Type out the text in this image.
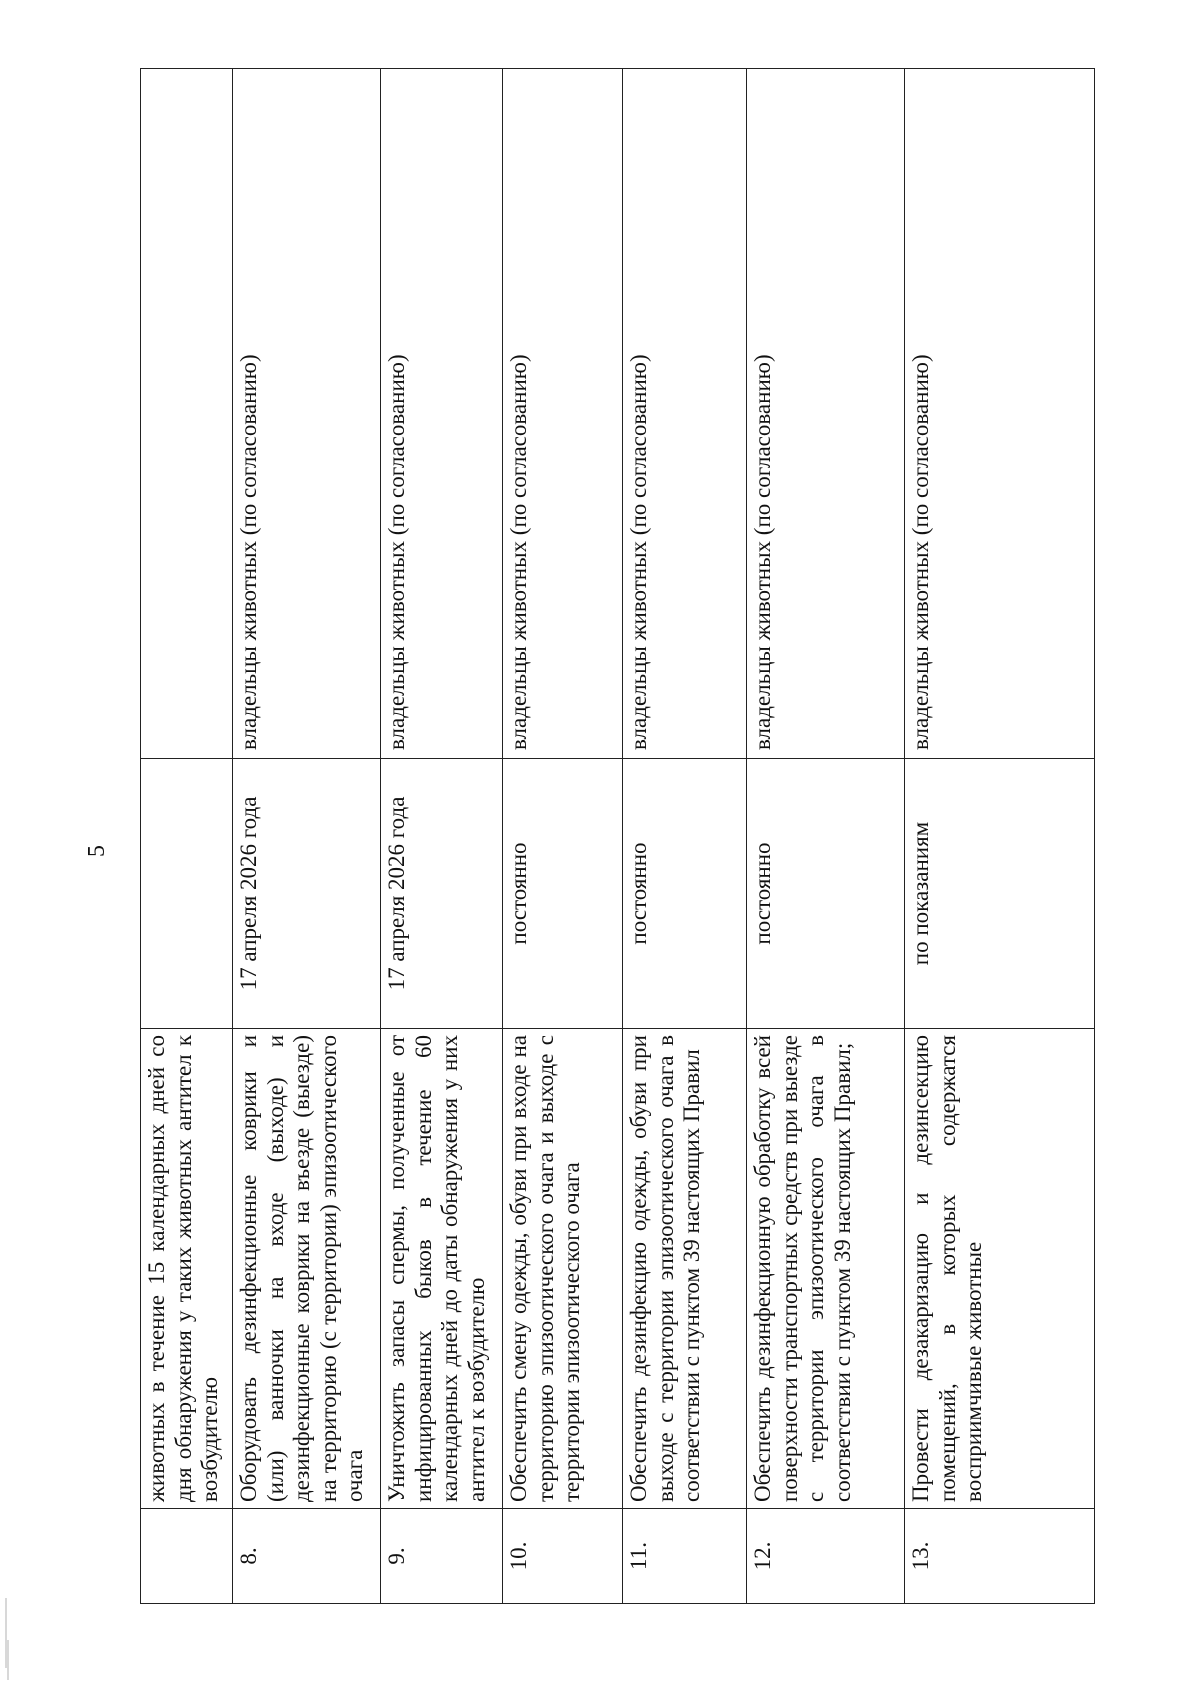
5
	животных в течение 15 календарных дней со дня обнаружения у таких животных антител к возбудителю		
8.	Оборудовать дезинфекционные коврики и (или) ванночки на входе (выходе) и дезинфекционные коврики на въезде (выезде) на территорию (с территории) эпизоотического очага	17 апреля 2026 года	владельцы животных (по согласованию)
9.	Уничтожить запасы спермы, полученные от инфицированных быков в течение 60 календарных дней до даты обнаружения у них антител к возбудителю	17 апреля 2026 года	владельцы животных (по согласованию)
10.	Обеспечить смену одежды, обуви при входе на территорию эпизоотического очага и выходе с территории эпизоотического очага	постоянно	владельцы животных (по согласованию)
11.	Обеспечить дезинфекцию одежды, обуви при выходе с территории эпизоотического очага в соответствии с пунктом 39 настоящих Правил	постоянно	владельцы животных (по согласованию)
12.	Обеспечить дезинфекционную обработку всей поверхности транспортных средств при выезде с территории эпизоотического очага в соответствии с пунктом 39 настоящих Правил;	постоянно	владельцы животных (по согласованию)
13.	Провести дезакаризацию и дезинсекцию помещений, в которых содержатся восприимчивые животные	по показаниям	владельцы животных (по согласованию)
